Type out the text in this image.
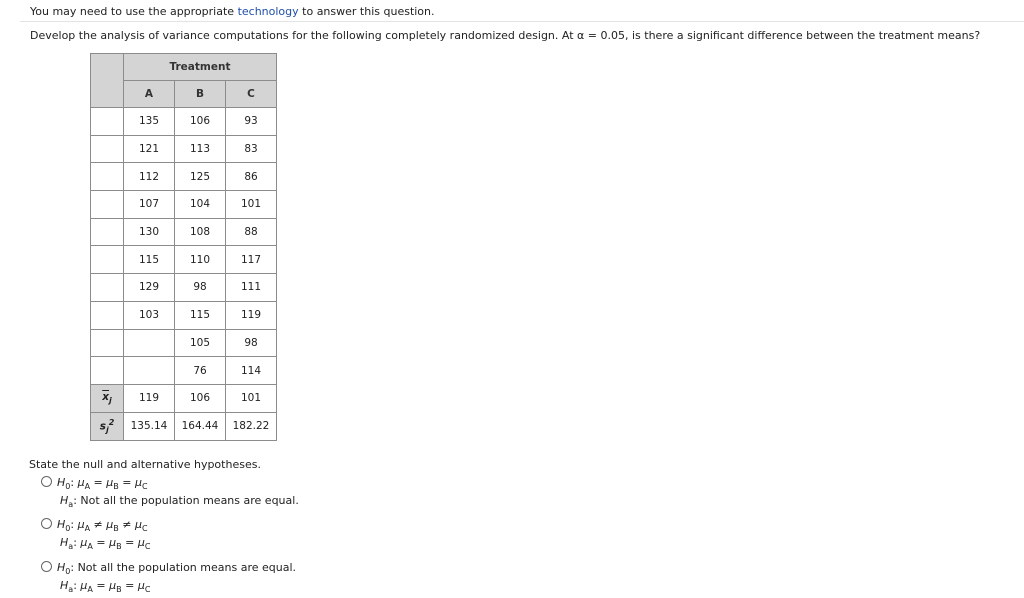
You may need to use the appropriate technology to answer this question.
Develop the analysis of variance computations for the following completely randomized design. At α = 0.05, is there a significant difference between the treatment means?
	Treatment		
	A	B	C
	135	106	93
	121	113	83
	112	125	86
	107	104	101
	130	108	88
	115	110	117
	129	98	111
	103	115	119
		105	98
		76	114
$\overline{x}_j$	119	106	101
$s_j^2$	135.14	164.44	182.22
State the null and alternative hypotheses.
$H_0$: $\mu_A = \mu_B = \mu_C$
$H_a$: Not all the population means are equal.
$H_0$: $\mu_A \ne \mu_B \ne \mu_C$
$H_a$: $\mu_A = \mu_B = \mu_C$
$H_0$: Not all the population means are equal.
$H_a$: $\mu_A = \mu_B = \mu_C$
